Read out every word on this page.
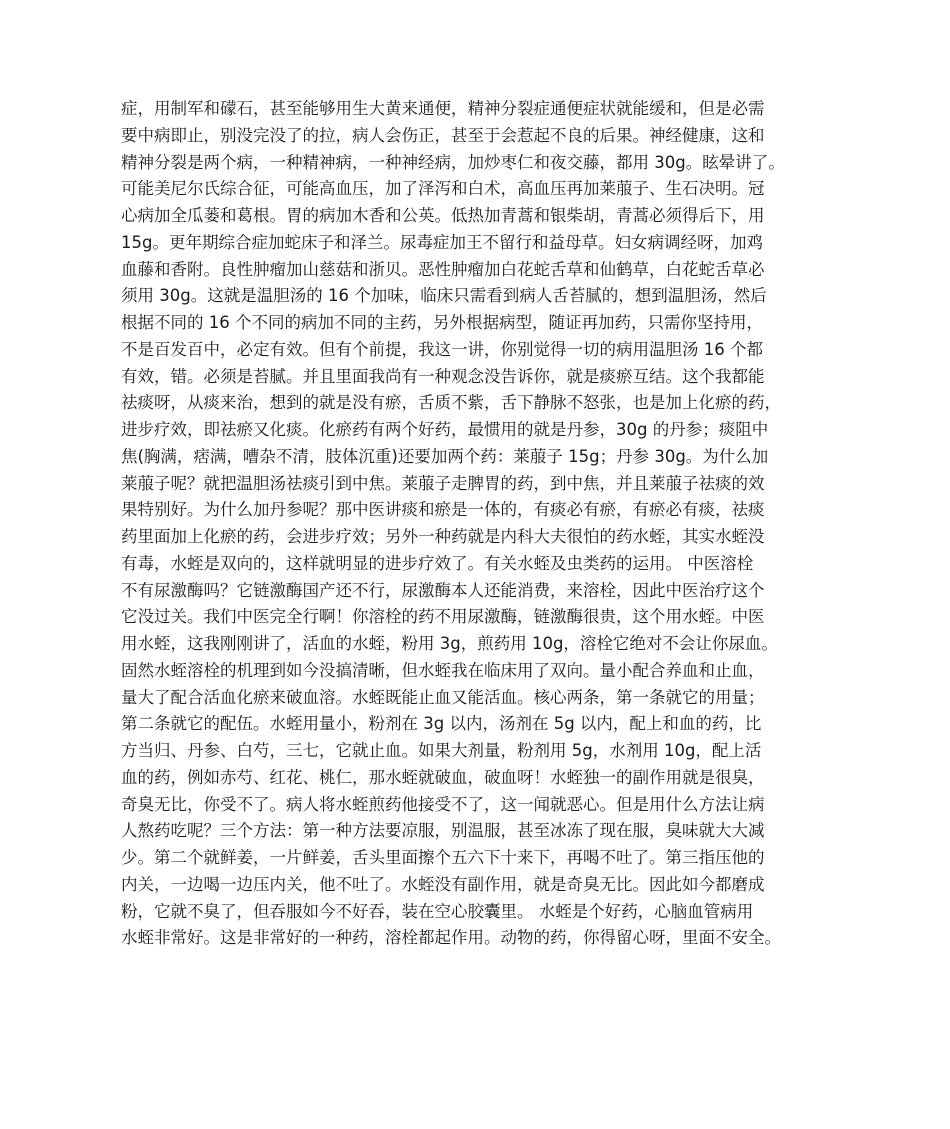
症，用制军和礞石，甚至能够用生大黄来通便，精神分裂症通便症状就能缓和，但是必需
要中病即止，别没完没了的拉，病人会伤正，甚至于会惹起不良的后果。神经健康，这和
精神分裂是两个病，一种精神病，一种神经病，加炒枣仁和夜交藤，都用 30g。眩晕讲了。
可能美尼尔氏综合征，可能高血压，加了泽泻和白术，高血压再加莱菔子、生石决明。冠
心病加全瓜蒌和葛根。胃的病加木香和公英。低热加青蒿和银柴胡，青蒿必须得后下，用
15g。更年期综合症加蛇床子和泽兰。尿毒症加王不留行和益母草。妇女病调经呀，加鸡
血藤和香附。良性肿瘤加山慈菇和浙贝。恶性肿瘤加白花蛇舌草和仙鹤草，白花蛇舌草必
须用 30g。这就是温胆汤的 16 个加味，临床只需看到病人舌苔腻的，想到温胆汤，然后
根据不同的 16 个不同的病加不同的主药，另外根据病型，随证再加药，只需你坚持用，
不是百发百中，必定有效。但有个前提，我这一讲，你别觉得一切的病用温胆汤 16 个都
有效，错。必须是苔腻。并且里面我尚有一种观念没告诉你，就是痰瘀互结。这个我都能
祛痰呀，从痰来治，想到的就是没有瘀，舌质不紫，舌下静脉不怒张，也是加上化瘀的药，
进步疗效，即祛瘀又化痰。化瘀药有两个好药，最惯用的就是丹参，30g 的丹参；痰阻中
焦(胸满，痞满，嘈杂不清，肢体沉重)还要加两个药：莱菔子 15g；丹参 30g。为什么加
莱菔子呢？就把温胆汤祛痰引到中焦。莱菔子走脾胃的药，到中焦，并且莱菔子祛痰的效
果特别好。为什么加丹参呢？那中医讲痰和瘀是一体的，有痰必有瘀，有瘀必有痰，祛痰
药里面加上化瘀的药，会进步疗效；另外一种药就是内科大夫很怕的药水蛭，其实水蛭没
有毒，水蛭是双向的，这样就明显的进步疗效了。有关水蛭及虫类药的运用。 中医溶栓
不有尿激酶吗？它链激酶国产还不行，尿激酶本人还能消费，来溶栓，因此中医治疗这个
它没过关。我们中医完全行啊！你溶栓的药不用尿激酶，链激酶很贵，这个用水蛭。中医
用水蛭，这我刚刚讲了，活血的水蛭，粉用 3g，煎药用 10g，溶栓它绝对不会让你尿血。
固然水蛭溶栓的机理到如今没搞清晰，但水蛭我在临床用了双向。量小配合养血和止血，
量大了配合活血化瘀来破血溶。水蛭既能止血又能活血。核心两条，第一条就它的用量；
第二条就它的配伍。水蛭用量小，粉剂在 3g 以内，汤剂在 5g 以内，配上和血的药，比
方当归、丹参、白芍，三七，它就止血。如果大剂量，粉剂用 5g，水剂用 10g，配上活
血的药，例如赤芍、红花、桃仁，那水蛭就破血，破血呀！水蛭独一的副作用就是很臭，
奇臭无比，你受不了。病人将水蛭煎药他接受不了，这一闻就恶心。但是用什么方法让病
人熬药吃呢？三个方法：第一种方法要凉服，别温服，甚至冰冻了现在服，臭味就大大减
少。第二个就鲜姜，一片鲜姜，舌头里面擦个五六下十来下，再喝不吐了。第三指压他的
内关，一边喝一边压内关，他不吐了。水蛭没有副作用，就是奇臭无比。因此如今都磨成
粉，它就不臭了，但吞服如今不好吞，装在空心胶囊里。 水蛭是个好药，心脑血管病用
水蛭非常好。这是非常好的一种药，溶栓都起作用。动物的药，你得留心呀，里面不安全。
